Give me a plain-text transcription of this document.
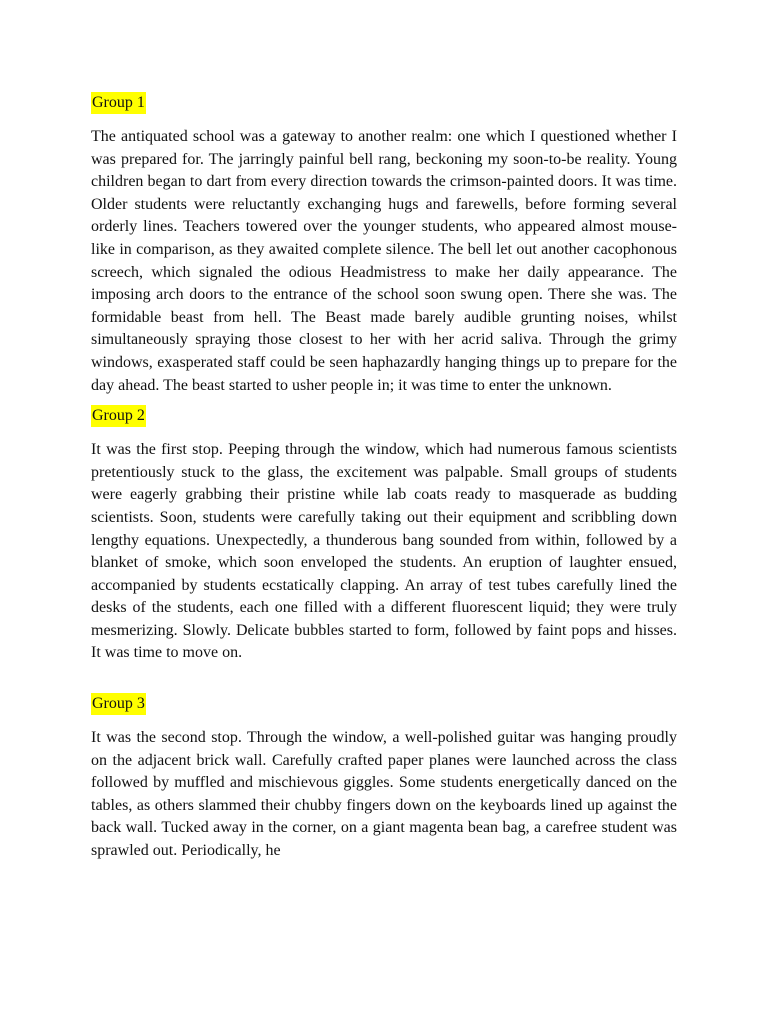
Group 1

The antiquated school was a gateway to another realm: one which I questioned whether I was prepared for. The jarringly painful bell rang, beckoning my soon-to-be reality. Young children began to dart from every direction towards the crimson-painted doors. It was time. Older students were reluctantly exchanging hugs and farewells, before forming several orderly lines. Teachers towered over the younger students, who appeared almost mouse-like in comparison, as they awaited complete silence. The bell let out another cacophonous screech, which signaled the odious Headmistress to make her daily appearance. The imposing arch doors to the entrance of the school soon swung open. There she was. The formidable beast from hell. The Beast made barely audible grunting noises, whilst simultaneously spraying those closest to her with her acrid saliva. Through the grimy windows, exasperated staff could be seen haphazardly hanging things up to prepare for the day ahead. The beast started to usher people in; it was time to enter the unknown.

Group 2

It was the first stop. Peeping through the window, which had numerous famous scientists pretentiously stuck to the glass, the excitement was palpable. Small groups of students were eagerly grabbing their pristine while lab coats ready to masquerade as budding scientists. Soon, students were carefully taking out their equipment and scribbling down lengthy equations. Unexpectedly, a thunderous bang sounded from within, followed by a blanket of smoke, which soon enveloped the students. An eruption of laughter ensued, accompanied by students ecstatically clapping. An array of test tubes carefully lined the desks of the students, each one filled with a different fluorescent liquid; they were truly mesmerizing. Slowly. Delicate bubbles started to form, followed by faint pops and hisses. It was time to move on.

Group 3

It was the second stop. Through the window, a well-polished guitar was hanging proudly on the adjacent brick wall. Carefully crafted paper planes were launched across the class followed by muffled and mischievous giggles. Some students energetically danced on the tables, as others slammed their chubby fingers down on the keyboards lined up against the back wall. Tucked away in the corner, on a giant magenta bean bag, a carefree student was sprawled out. Periodically, he
